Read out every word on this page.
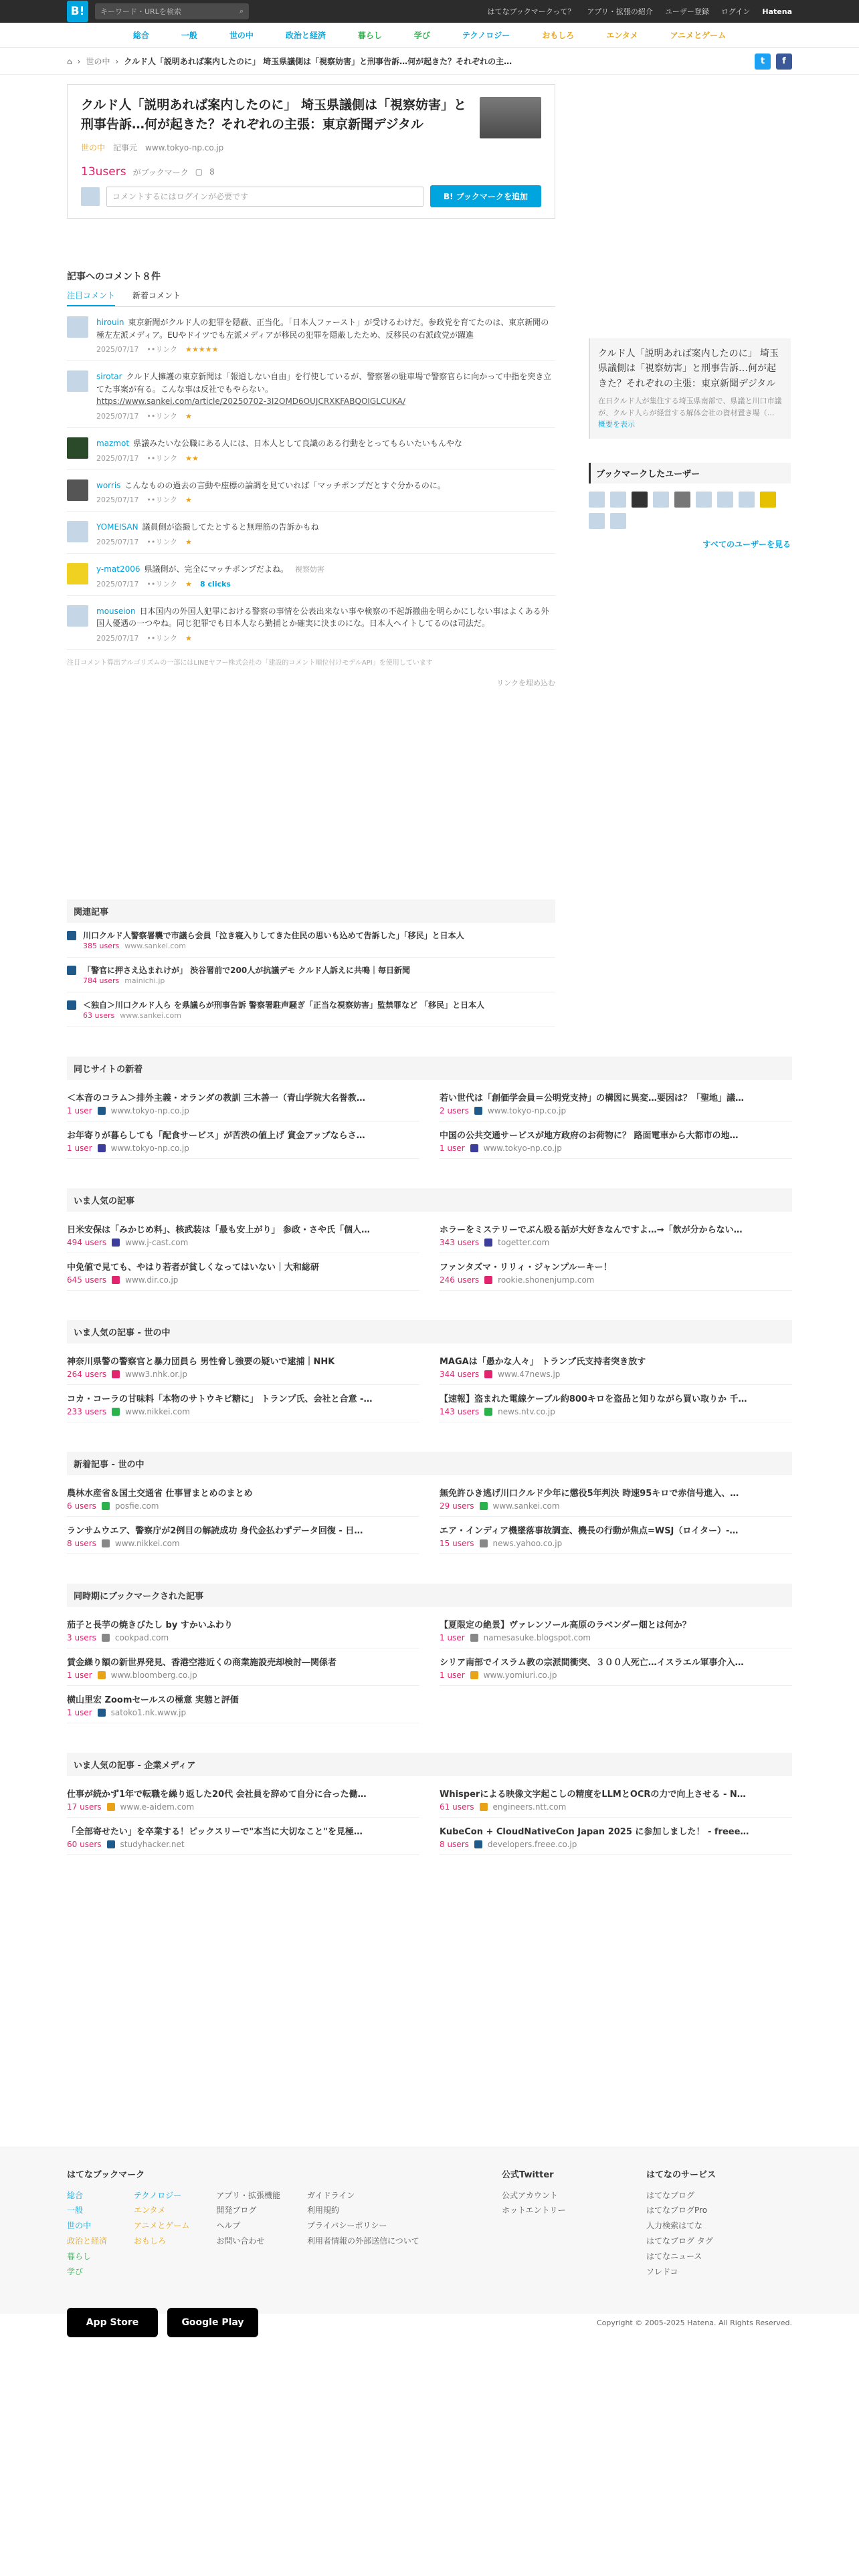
B!	キーワード・URLを検索	⌕	はてなブックマークって？ アプリ・拡張の紹介 ユーザー登録 ログイン Hatena
総合	一般	世の中	政治と経済	暮らし	学び	テクノロジー	おもしろ	エンタメ	アニメとゲーム
⌂ › 世の中 › クルド人「説明あれば案内したのに」 埼玉県議側は「視察妨害」と刑事告訴…何が起きた？それぞれの主…	t	f
クルド人「説明あれば案内したのに」 埼玉県議側は「視察妨害」と刑事告訴…何が起きた？それぞれの主張：東京新聞デジタル
世の中 記事元 www.tokyo-np.co.jp
13users がブックマーク ▢ 8
コメントするにはログインが必要です	B! ブックマークを追加
記事へのコメント８件
注目コメント 新着コメント
hirouin 東京新聞がクルド人の犯罪を隠蔽、正当化。「日本人ファースト」が受けるわけだ。参政党を育てたのは、東京新聞の極左左派メディア。EUやドイツでも左派メディアが移民の犯罪を隠蔽したため、反移民の右派政党が躍進
2025/07/17 ••リンク ★★★★★
sirotar クルド人擁護の東京新聞は「報道しない自由」を行使しているが、警察署の駐車場で警察官らに向かって中指を突き立てた事案が有る。こんな事は反社でもやらない。
https://www.sankei.com/article/20250702-3I2OMD6OUJCRXKFABQOIGLCUKA/
2025/07/17 ••リンク ★
mazmot 県議みたいな公職にある人には、日本人として良識のある行動をとってもらいたいもんやな
2025/07/17 ••リンク ★★
worris こんなものの過去の言動や座標の論調を見ていれば「マッチポンプだとすぐ分かるのに。
2025/07/17 ••リンク ★
YOMEISAN 議員側が盗撮してたとすると無理筋の告訴かもね
2025/07/17 ••リンク ★
y-mat2006 県議側が、完全にマッチポンプだよね。 視察妨害
2025/07/17 ••リンク ★ 8 clicks
mouseion 日本国内の外国人犯罪における警察の事情を公表出来ない事や検察の不起訴撤曲を明らかにしない事はよくある外国人優遇の一つやね。同じ犯罪でも日本人なら勤捕とか確実に決まのにな。日本人ヘイトしてるのは司法だ。
2025/07/17 ••リンク ★
注目コメント算出アルゴリズムの一部にはLINEヤフー株式会社の「建設的コメント順位付けモデルAPI」を使用しています
リンクを埋め込む
関連記事
川口クルド人警察署襲で市議ら会員「泣き寝入りしてきた住民の思いも込めて告訴した」「移民」と日本人
385 users www.sankei.com
「警官に押さえ込まれけが」 渋谷署前で200人が抗議デモ クルド人訴えに共鳴｜毎日新聞
784 users mainichi.jp
＜独自＞川口クルド人ら を県議らが刑事告訴 警察署駐声騒ぎ「正当な視察妨害」監禁罪など 「移民」と日本人
63 users www.sankei.com
同じサイトの新着
＜本音のコラム＞排外主義・オランダの教訓 三木善一（青山学院大名誉教…
1 user www.tokyo-np.co.jp
お年寄りが暮らしても「配食サービス」が苦渋の値上げ 賞金アップならさ…
1 user www.tokyo-np.co.jp
若い世代は「創価学会員＝公明党支持」の構図に異変…要因は？「聖地」議…
2 users www.tokyo-np.co.jp
中国の公共交通サービスが地方政府のお荷物に？ 路面電車から大都市の地…
1 user www.tokyo-np.co.jp
いま人気の記事
日米安保は「みかじめ料」、核武装は「最も安上がり」 参政・さや氏「個人…
494 users www.j-cast.com
中免値で見ても、やはり若者が貧しくなってはいない｜大和総研
645 users www.dir.co.jp
ホラーをミステリーでぶん殴る話が大好きなんですよ…→「飲が分からない…
343 users togetter.com
ファンタズマ・リリィ・ジャンプルーキー！
246 users rookie.shonenjump.com
いま人気の記事 - 世の中
神奈川県警の警察官と暴力団員ら 男性脅し強要の疑いで逮捕｜NHK
264 users www3.nhk.or.jp
コカ・コーラの甘味料「本物のサトウキビ糖に」 トランプ氏、会社と合意 -…
233 users www.nikkei.com
MAGAは「愚かな人々」 トランプ氏支持者突き放す
344 users www.47news.jp
【速報】盗まれた電線ケーブル約800キロを盗品と知りながら買い取りか 千…
143 users news.ntv.co.jp
新着記事 - 世の中
農林水産省＆国土交通省 仕事冒まとめのまとめ
6 users posfie.com
ランサムウエア、警察庁が2例目の解読成功 身代金払わずデータ回復 - 日…
8 users www.nikkei.com
無免許ひき逃げ川口クルド少年に懲役5年判決 時速95キロで赤信号進入、…
29 users www.sankei.com
エア・インディア機墜落事故調査、機長の行動が焦点=WSJ（ロイター）-…
15 users news.yahoo.co.jp
同時期にブックマークされた記事
茄子と長芋の焼きびたし by すかいふわり
3 users cookpad.com
賃金繰り額の新世界発見、香港空港近くの商業施設売却検討―関係者
1 user www.bloomberg.co.jp
横山里宏 Zoomセールスの極意 実態と評価
1 user satoko1.nk.www.jp
【夏限定の絶景】ヴァレンソール高原のラベンダー畑とは何か？
1 user namesasuke.blogspot.com
シリア南部でイスラム教の宗派間衝突、３００人死亡…イスラエル軍事介入…
1 user www.yomiuri.co.jp
いま人気の記事 - 企業メディア
仕事が続かず1年で転職を繰り返した20代 会社員を辞めて自分に合った働…
17 users www.e-aidem.com
「全部寄せたい」を卒業する！ピックスリーで"本当に大切なこと"を見極…
60 users studyhacker.net
Whisperによる映像文字起こしの精度をLLMとOCRの力で向上させる - N…
61 users engineers.ntt.com
KubeCon + CloudNativeCon Japan 2025 に参加しました！ - freee…
8 users developers.freee.co.jp
クルド人「説明あれば案内したのに」 埼玉県議側は「視察妨害」と刑事告訴…何が起きた？それぞれの主張：東京新聞デジタル
在日クルド人が集住する埼玉県南部で、県議と川口市議が、クルド人らが経営する解体会社の資材置き場（… 概要を表示
ブックマークしたユーザー
すべてのユーザーを見る
はてなブックマーク
総合
一般
世の中
政治と経済
暮らし
学び
テクノロジー
エンタメ
アニメとゲーム
おもしろ
アプリ・拡張機能
開発ブログ
ヘルプ
お問い合わせ
ガイドライン
利用規約
プライバシーポリシー
利用者情報の外部送信について
公式Twitter
公式アカウント
ホットエントリー
はてなのサービス
はてなブログ
はてなブログPro
人力検索はてな
はてなブログ タグ
はてなニュース
ソレドコ
App Store	Google Play	Copyright © 2005-2025 Hatena. All Rights Reserved.
